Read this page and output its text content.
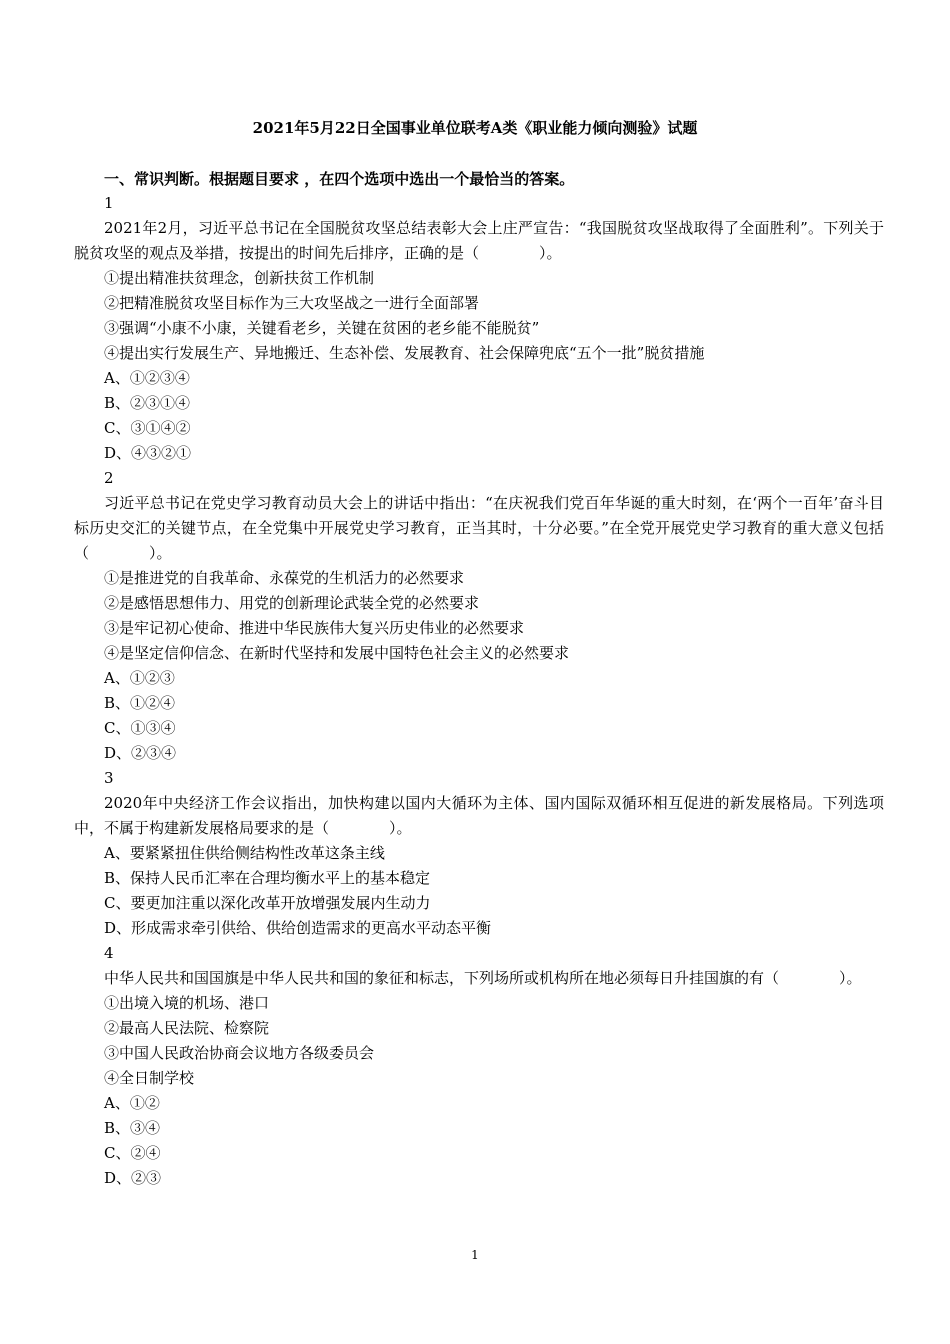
2021年5月22日全国事业单位联考A类《职业能力倾向测验》试题
一、常识判断。根据题目要求 ，在四个选项中选出一个最恰当的答案。
1
2021年2月，习近平总书记在全国脱贫攻坚总结表彰大会上庄严宣告：“我国脱贫攻坚战取得了全面胜利”。下列关于脱贫攻坚的观点及举措，按提出的时间先后排序，正确的是（　　　　）。
①提出精准扶贫理念，创新扶贫工作机制
②把精准脱贫攻坚目标作为三大攻坚战之一进行全面部署
③强调“小康不小康，关键看老乡，关键在贫困的老乡能不能脱贫”
④提出实行发展生产、异地搬迁、生态补偿、发展教育、社会保障兜底“五个一批”脱贫措施
A、①②③④
B、②③①④
C、③①④②
D、④③②①
2
习近平总书记在党史学习教育动员大会上的讲话中指出：“在庆祝我们党百年华诞的重大时刻，在‘两个一百年’奋斗目标历史交汇的关键节点，在全党集中开展党史学习教育，正当其时，十分必要。”在全党开展党史学习教育的重大意义包括（　　　　）。
①是推进党的自我革命、永葆党的生机活力的必然要求
②是感悟思想伟力、用党的创新理论武装全党的必然要求
③是牢记初心使命、推进中华民族伟大复兴历史伟业的必然要求
④是坚定信仰信念、在新时代坚持和发展中国特色社会主义的必然要求
A、①②③
B、①②④
C、①③④
D、②③④
3
2020年中央经济工作会议指出，加快构建以国内大循环为主体、国内国际双循环相互促进的新发展格局。下列选项中，不属于构建新发展格局要求的是（　　　　）。
A、要紧紧扭住供给侧结构性改革这条主线
B、保持人民币汇率在合理均衡水平上的基本稳定
C、要更加注重以深化改革开放增强发展内生动力
D、形成需求牵引供给、供给创造需求的更高水平动态平衡
4
中华人民共和国国旗是中华人民共和国的象征和标志，下列场所或机构所在地必须每日升挂国旗的有（　　　　）。
①出境入境的机场、港口
②最高人民法院、检察院
③中国人民政治协商会议地方各级委员会
④全日制学校
A、①②
B、③④
C、②④
D、②③
1
